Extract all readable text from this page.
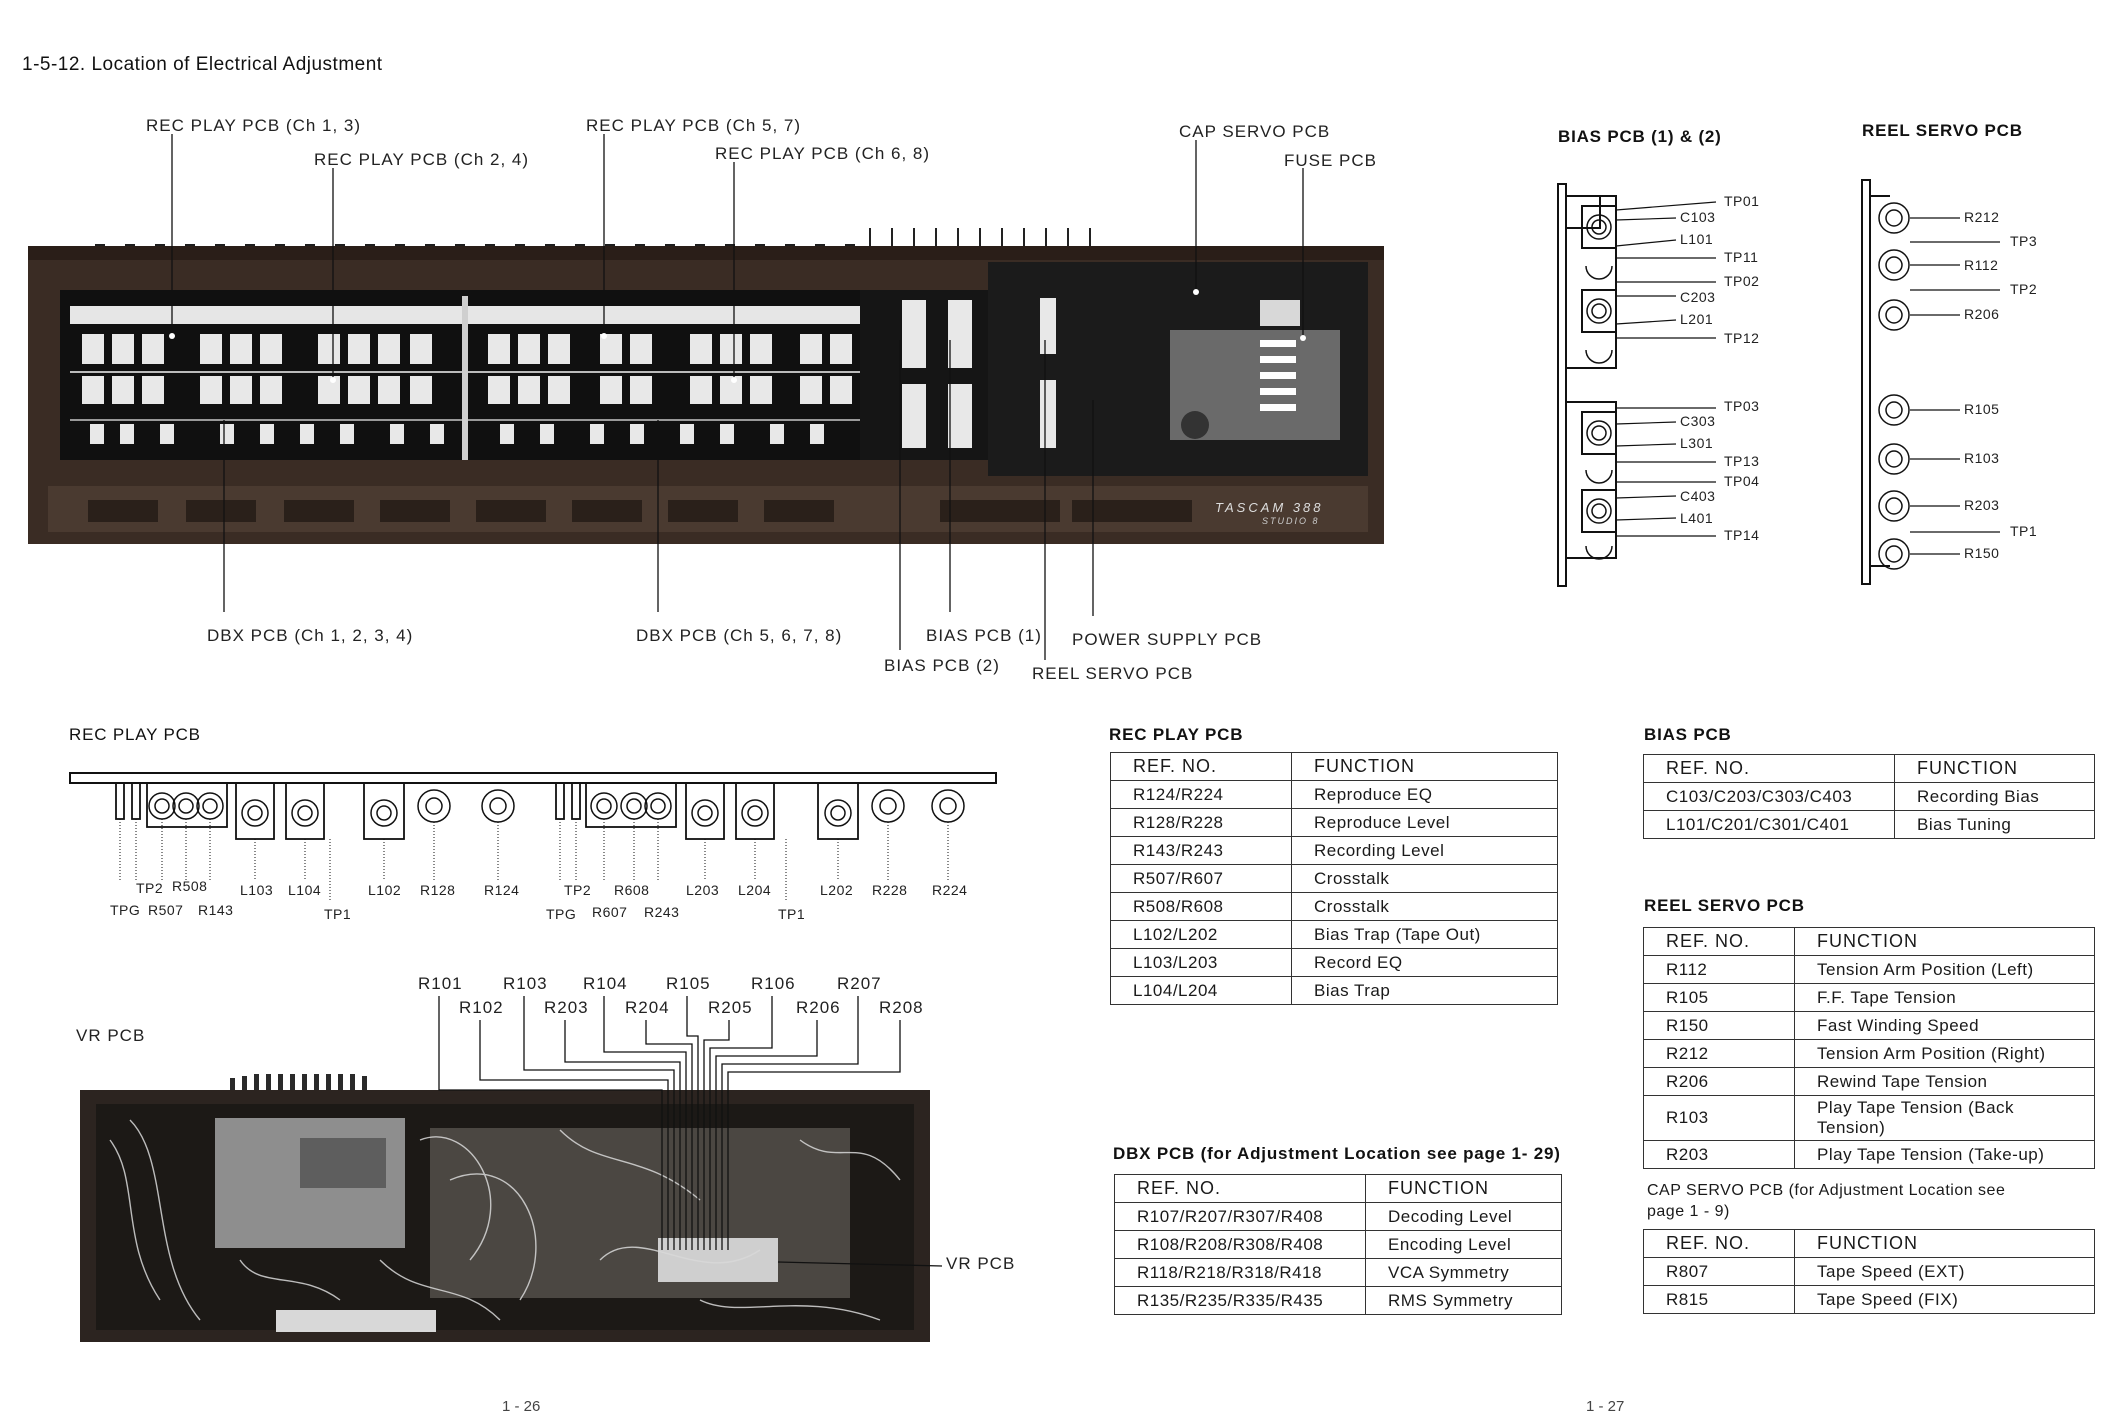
1-5-12. Location of Electrical Adjustment
TASCAM 388
STUDIO 8
REC PLAY PCB (Ch 1, 3)
REC PLAY PCB (Ch 2, 4)
REC PLAY PCB (Ch 5, 7)
REC PLAY PCB (Ch 6, 8)
CAP SERVO PCB
FUSE PCB
DBX PCB (Ch 1, 2, 3, 4)	DBX PCB (Ch 5, 6, 7, 8)	BIAS PCB (1)
BIAS PCB (2)
POWER SUPPLY PCB
REEL SERVO PCB
BIAS PCB (1) & (2)
TP01
C103
L101
TP11
TP02
C203
L201
TP12
TP03
C303
L301
TP13
TP04
C403
L401
TP14
REEL SERVO PCB
R212
TP3
R112
TP2
R206
R105
R103
R203
TP1
R150
REC PLAY PCB
TP2 R508 L103 L104	L102 R128 R124	TP2 R608	L203 L204	L202 R228 R224
TPG R507 R143	TP1	TPG R607 R243	TP1
VR PCB
R101 R103 R104 R105 R106 R207
R102 R203 R204 R205	R206 R208
VR PCB
REC PLAY PCB
REF. NO.	FUNCTION
R124/R224	Reproduce EQ
R128/R228	Reproduce Level
R143/R243	Recording Level
R507/R607	Crosstalk
R508/R608	Crosstalk
L102/L202	Bias Trap (Tape Out)
L103/L203	Record EQ
L104/L204	Bias Trap
DBX PCB (for Adjustment Location see page 1- 29)
REF. NO.	FUNCTION
R107/R207/R307/R408	Decoding Level
R108/R208/R308/R408	Encoding Level
R118/R218/R318/R418	VCA Symmetry
R135/R235/R335/R435	RMS Symmetry
BIAS PCB
REF. NO.	FUNCTION
C103/C203/C303/C403	Recording Bias
L101/C201/C301/C401	Bias Tuning
REEL SERVO PCB
REF. NO.	FUNCTION
R112	Tension Arm Position (Left)
R105	F.F. Tape Tension
R150	Fast Winding Speed
R212	Tension Arm Position (Right)
R206	Rewind Tape Tension
R103	Play Tape Tension (Back Tension)
R203	Play Tape Tension (Take-up)
CAP SERVO PCB (for Adjustment Location see
page 1 - 9)
REF. NO.	FUNCTION
R807	Tape Speed (EXT)
R815	Tape Speed (FIX)
1 - 26	1 - 27
